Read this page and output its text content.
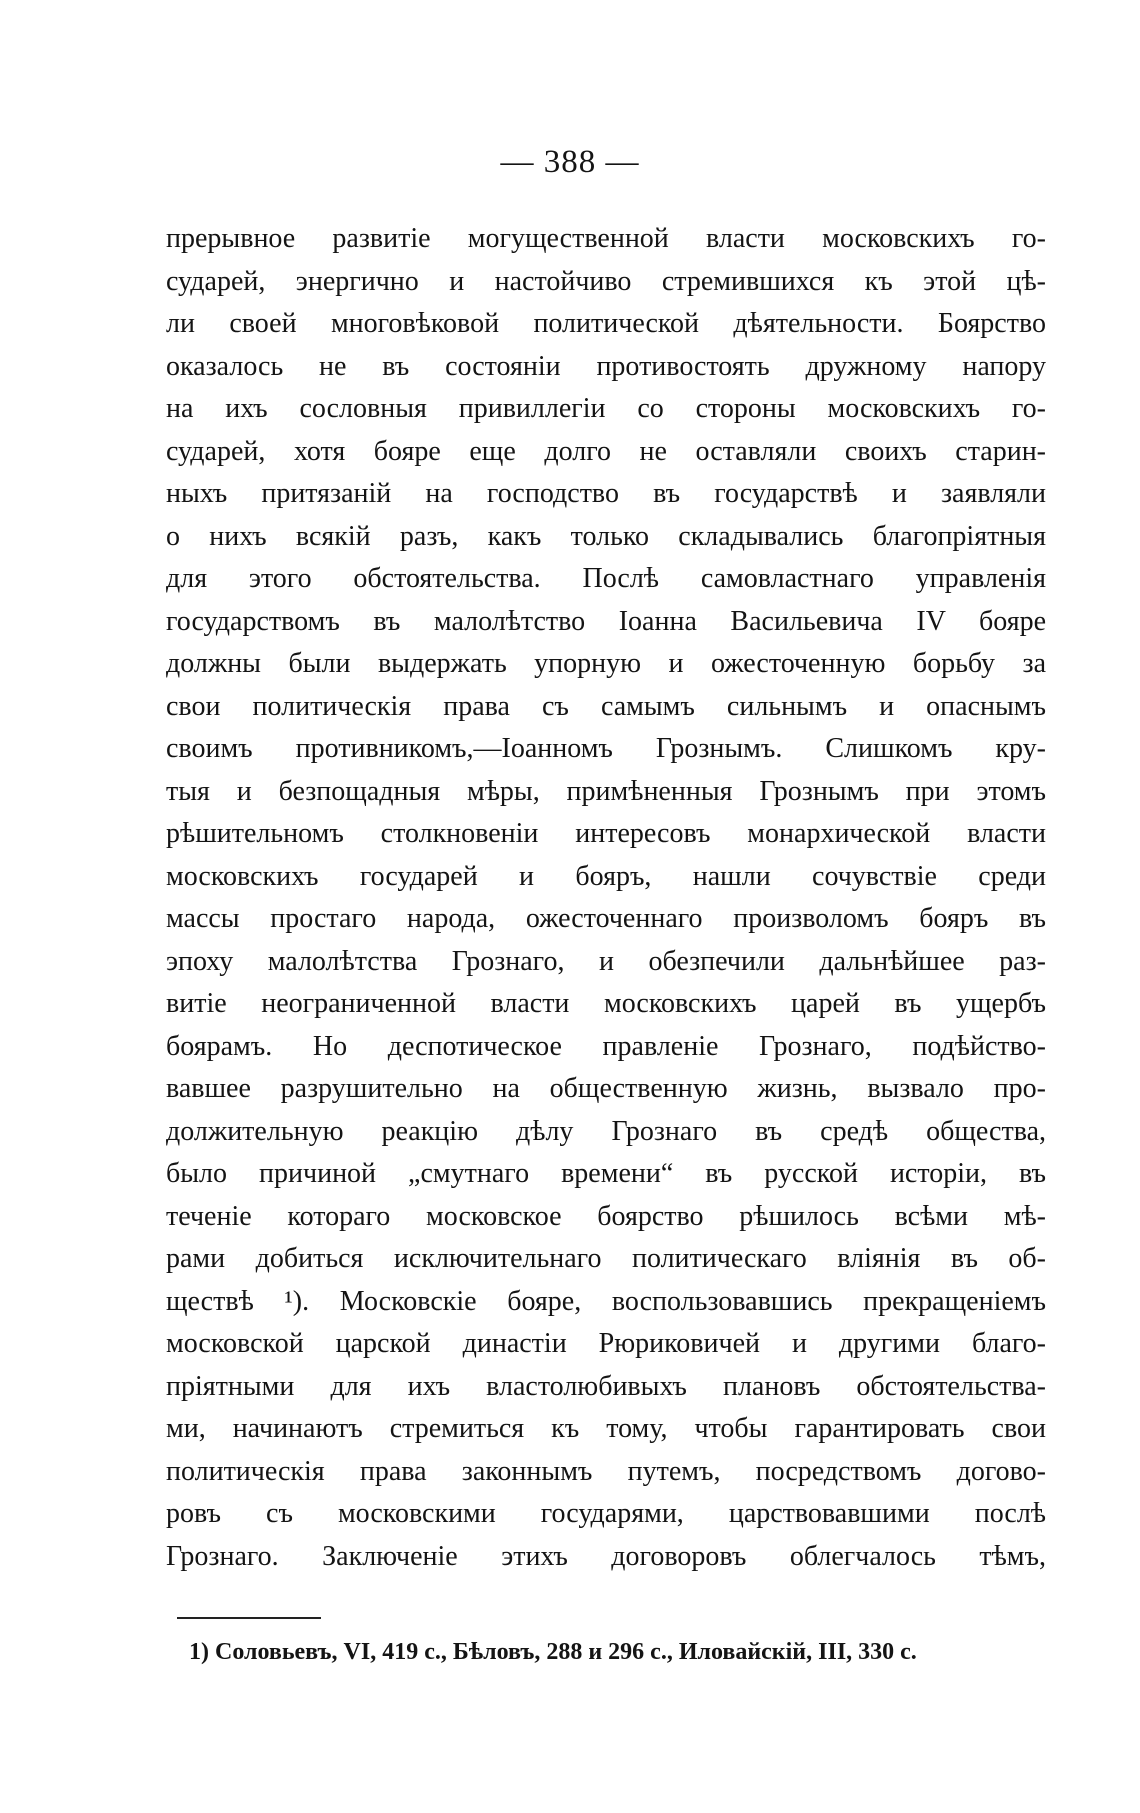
— 388 —
прерывное развитіе могущественной власти московскихъ го-
сударей, энергично и настойчиво стремившихся къ этой цѣ-
ли своей многовѣковой политической дѣятельности. Боярство
оказалось не въ состояніи противостоять дружному напору
на ихъ сословныя привиллегіи со стороны московскихъ го-
сударей, хотя бояре еще долго не оставляли своихъ старин-
ныхъ притязаній на господство въ государствѣ и заявляли
о нихъ всякій разъ, какъ только складывались благопріятныя
для этого обстоятельства. Послѣ самовластнаго управленія
государствомъ въ малолѣтство Іоанна Васильевича IV бояре
должны были выдержать упорную и ожесточенную борьбу за
свои политическія права съ самымъ сильнымъ и опаснымъ
своимъ противникомъ,—Іоанномъ Грознымъ. Слишкомъ кру-
тыя и безпощадныя мѣры, примѣненныя Грознымъ при этомъ
рѣшительномъ столкновеніи интересовъ монархической власти
московскихъ государей и бояръ, нашли сочувствіе среди
массы простаго народа, ожесточеннаго произволомъ бояръ въ
эпоху малолѣтства Грознаго, и обезпечили дальнѣйшее раз-
витіе неограниченной власти московскихъ царей въ ущербъ
боярамъ. Но деспотическое правленіе Грознаго, подѣйство-
вавшее разрушительно на общественную жизнь, вызвало про-
должительную реакцію дѣлу Грознаго въ средѣ общества,
было причиной „смутнаго времени“ въ русской исторіи, въ
теченіе котораго московское боярство рѣшилось всѣми мѣ-
рами добиться исключительнаго политическаго вліянія въ об-
ществѣ ¹). Московскіе бояре, воспользовавшись прекращеніемъ
московской царской династіи Рюриковичей и другими благо-
пріятными для ихъ властолюбивыхъ плановъ обстоятельства-
ми, начинаютъ стремиться къ тому, чтобы гарантировать свои
политическія права законнымъ путемъ, посредствомъ догово-
ровъ съ московскими государями, царствовавшими послѣ
Грознаго. Заключеніе этихъ договоровъ облегчалось тѣмъ,
1) Соловьевъ, VI, 419 с., Бѣловъ, 288 и 296 с., Иловайскій, III, 330 с.
